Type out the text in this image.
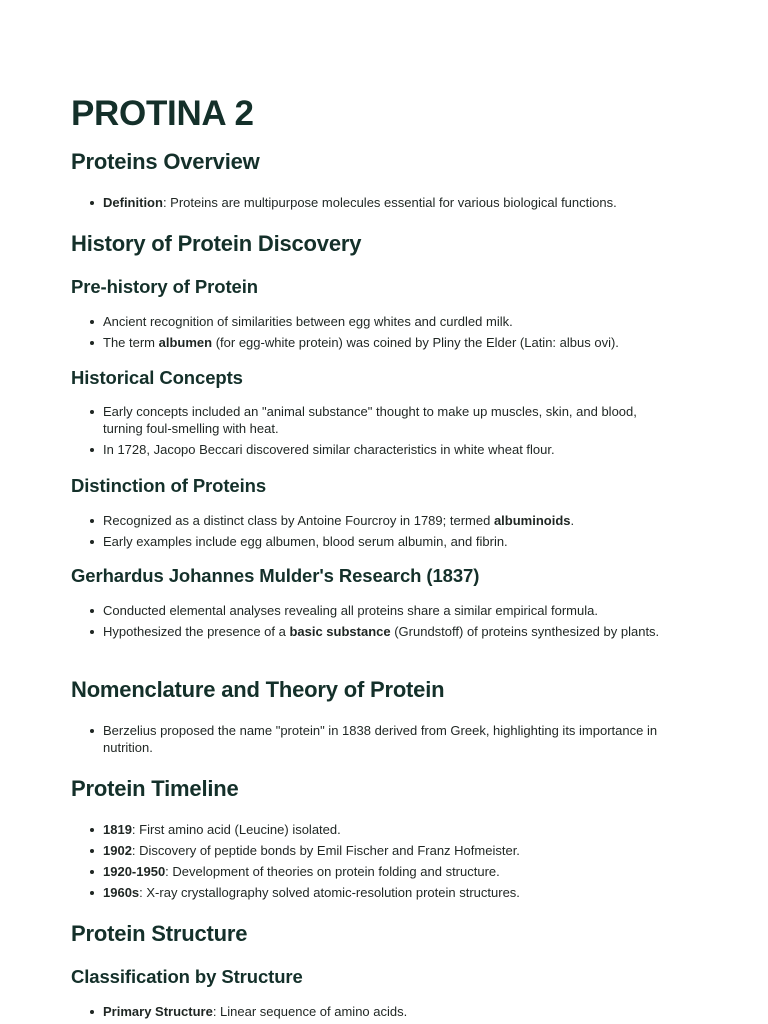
PROTINA 2
Proteins Overview
Definition: Proteins are multipurpose molecules essential for various biological functions.
History of Protein Discovery
Pre-history of Protein
Ancient recognition of similarities between egg whites and curdled milk.
The term albumen (for egg-white protein) was coined by Pliny the Elder (Latin: albus ovi).
Historical Concepts
Early concepts included an "animal substance" thought to make up muscles, skin, and blood, turning foul-smelling with heat.
In 1728, Jacopo Beccari discovered similar characteristics in white wheat flour.
Distinction of Proteins
Recognized as a distinct class by Antoine Fourcroy in 1789; termed albuminoids.
Early examples include egg albumen, blood serum albumin, and fibrin.
Gerhardus Johannes Mulder's Research (1837)
Conducted elemental analyses revealing all proteins share a similar empirical formula.
Hypothesized the presence of a basic substance (Grundstoff) of proteins synthesized by plants.
Nomenclature and Theory of Protein
Berzelius proposed the name "protein" in 1838 derived from Greek, highlighting its importance in nutrition.
Protein Timeline
1819: First amino acid (Leucine) isolated.
1902: Discovery of peptide bonds by Emil Fischer and Franz Hofmeister.
1920-1950: Development of theories on protein folding and structure.
1960s: X-ray crystallography solved atomic-resolution protein structures.
Protein Structure
Classification by Structure
Primary Structure: Linear sequence of amino acids.
